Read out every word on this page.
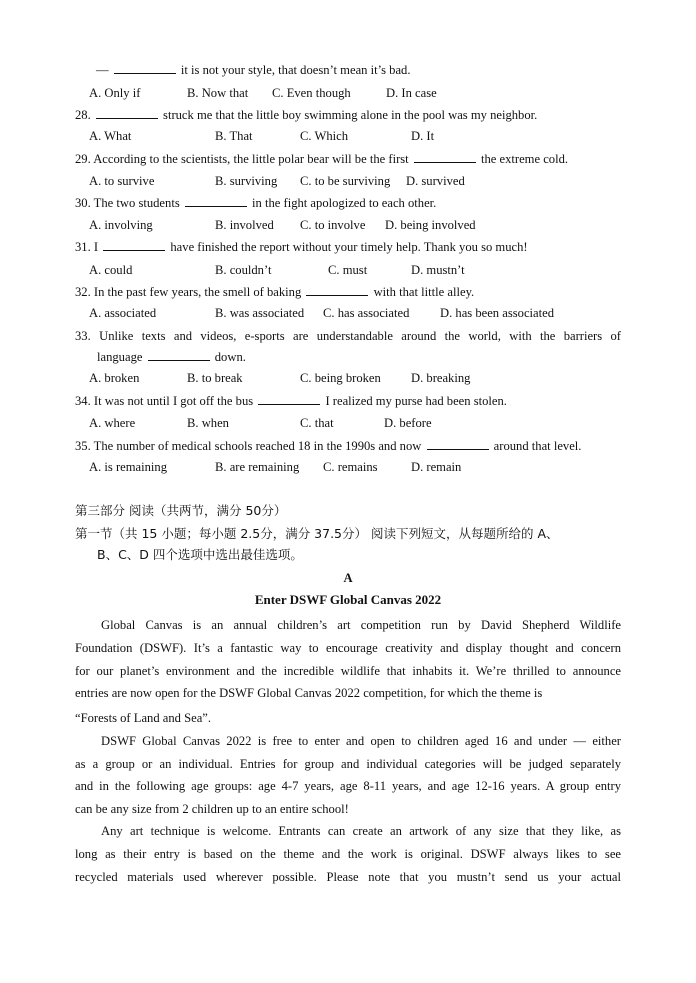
—	it is not your style, that doesn’t mean it’s bad.
A. Only if	B. Now that C. Even though	D. In case
28.	struck me that the little boy swimming alone in the pool was my neighbor.
A. What	B. That	C. Which	D. It
29. According to the scientists, the little polar bear will be the first	the extreme cold.
A. to survive	B. surviving C. to be surviving D. survived
30. The two students	in the fight apologized to each other.
A. involving	B. involved C. to involve D. being involved
31. I	have finished the report without your timely help. Thank you so much!
A. could	B. couldn’t	C. must	D. mustn’t
32. In the past few years, the smell of baking	with that little alley.
A. associated	B. was associated C. has associated D. has been associated
33. Unlike texts and videos, e-sports are understandable around the world, with the barriers of
language	down.
A. broken	B. to break	C. being broken D. breaking
34. It was not until I got off the bus	I realized my purse had been stolen.
A. where	B. when	C. that	D. before
35. The number of medical schools reached 18 in the 1990s and now	around that level.
A. is remaining	B. are remaining C. remains	D. remain
第三部分 阅读（共两节，满分 50分）
第一节（共 15 小题；每小题 2.5分，满分 37.5分） 阅读下列短文，从每题所给的 A、
B、C、D 四个选项中选出最佳选项。
A
Enter DSWF Global Canvas 2022
Global Canvas is an annual children’s art competition run by David Shepherd Wildlife
Foundation (DSWF). It’s a fantastic way to encourage creativity and display thought and concern
for our planet’s environment and the incredible wildlife that inhabits it. We’re thrilled to announce
entries are now open for the DSWF Global Canvas 2022 competition, for which the theme is
“Forests of Land and Sea”.
DSWF Global Canvas 2022 is free to enter and open to children aged 16 and under — either
as a group or an individual. Entries for group and individual categories will be judged separately
and in the following age groups: age 4-7 years, age 8-11 years, and age 12-16 years. A group entry
can be any size from 2 children up to an entire school!
Any art technique is welcome. Entrants can create an artwork of any size that they like, as
long as their entry is based on the theme and the work is original. DSWF always likes to see
recycled materials used wherever possible. Please note that you mustn’t send us your actual
